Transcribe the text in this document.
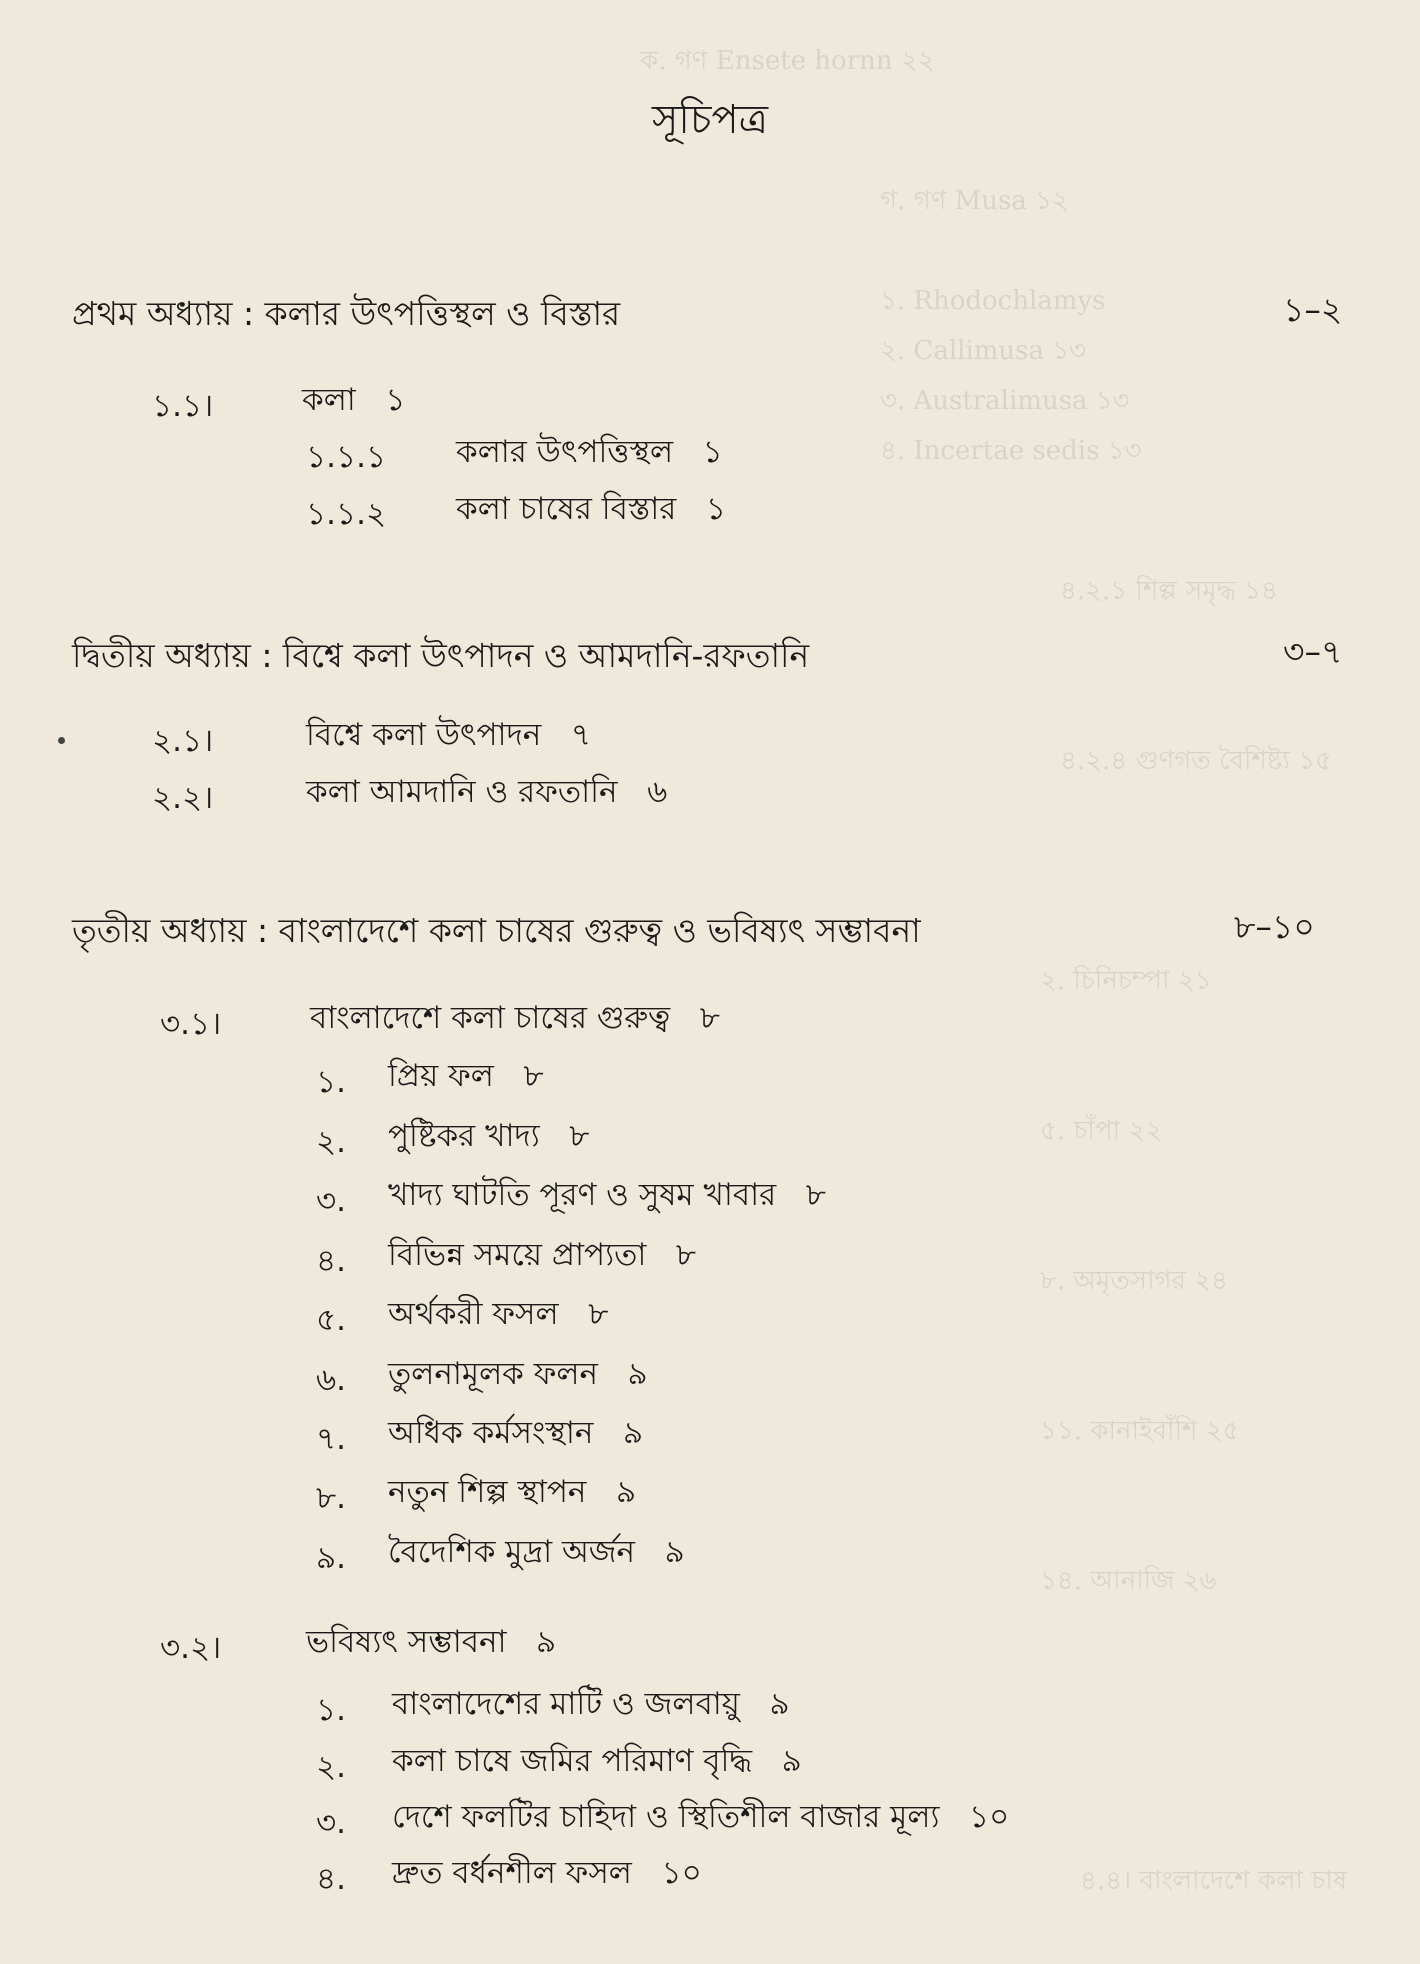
ক. গণ Ensete hornn ২২
গ. গণ Musa ১২
১. Rhodochlamys
২. Callimusa ১৩
৩. Australimusa ১৩
৪. Incertae sedis ১৩
৪.২.১ শিল্প সমৃদ্ধ ১৪
৪.২.৪ গুণগত বৈশিষ্ট্য ১৫
২. চিনিচম্পা ২১
৫. চাঁপা ২২
৮. অমৃতসাগর ২৪
১১. কানাইবাঁশি ২৫
১৪. আনাজি ২৬
৪.৪। বাংলাদেশে কলা চাষ
সূচিপত্র
প্রথম অধ্যায় : কলার উৎপত্তিস্থল ও বিস্তার	১–২
১.১।	কলা ১
১.১.১ কলার উৎপত্তিস্থল ১
১.১.২ কলা চাষের বিস্তার ১
দ্বিতীয় অধ্যায় : বিশ্বে কলা উৎপাদন ও আমদানি-রফতানি	৩–৭
২.১।	বিশ্বে কলা উৎপাদন ৭
২.২।	কলা আমদানি ও রফতানি ৬
তৃতীয় অধ্যায় : বাংলাদেশে কলা চাষের গুরুত্ব ও ভবিষ্যৎ সম্ভাবনা	৮–১০
৩.১।	বাংলাদেশে কলা চাষের গুরুত্ব ৮
১. প্রিয় ফল ৮
২. পুষ্টিকর খাদ্য ৮
৩. খাদ্য ঘাটতি পূরণ ও সুষম খাবার ৮
৪. বিভিন্ন সময়ে প্রাপ্যতা ৮
৫. অর্থকরী ফসল ৮
৬. তুলনামূলক ফলন ৯
৭. অধিক কর্মসংস্থান ৯
৮. নতুন শিল্প স্থাপন ৯
৯. বৈদেশিক মুদ্রা অর্জন ৯
৩.২।	ভবিষ্যৎ সম্ভাবনা ৯
১. বাংলাদেশের মাটি ও জলবায়ু ৯
২. কলা চাষে জমির পরিমাণ বৃদ্ধি ৯
৩. দেশে ফলটির চাহিদা ও স্থিতিশীল বাজার মূল্য ১০
৪. দ্রুত বর্ধনশীল ফসল ১০
